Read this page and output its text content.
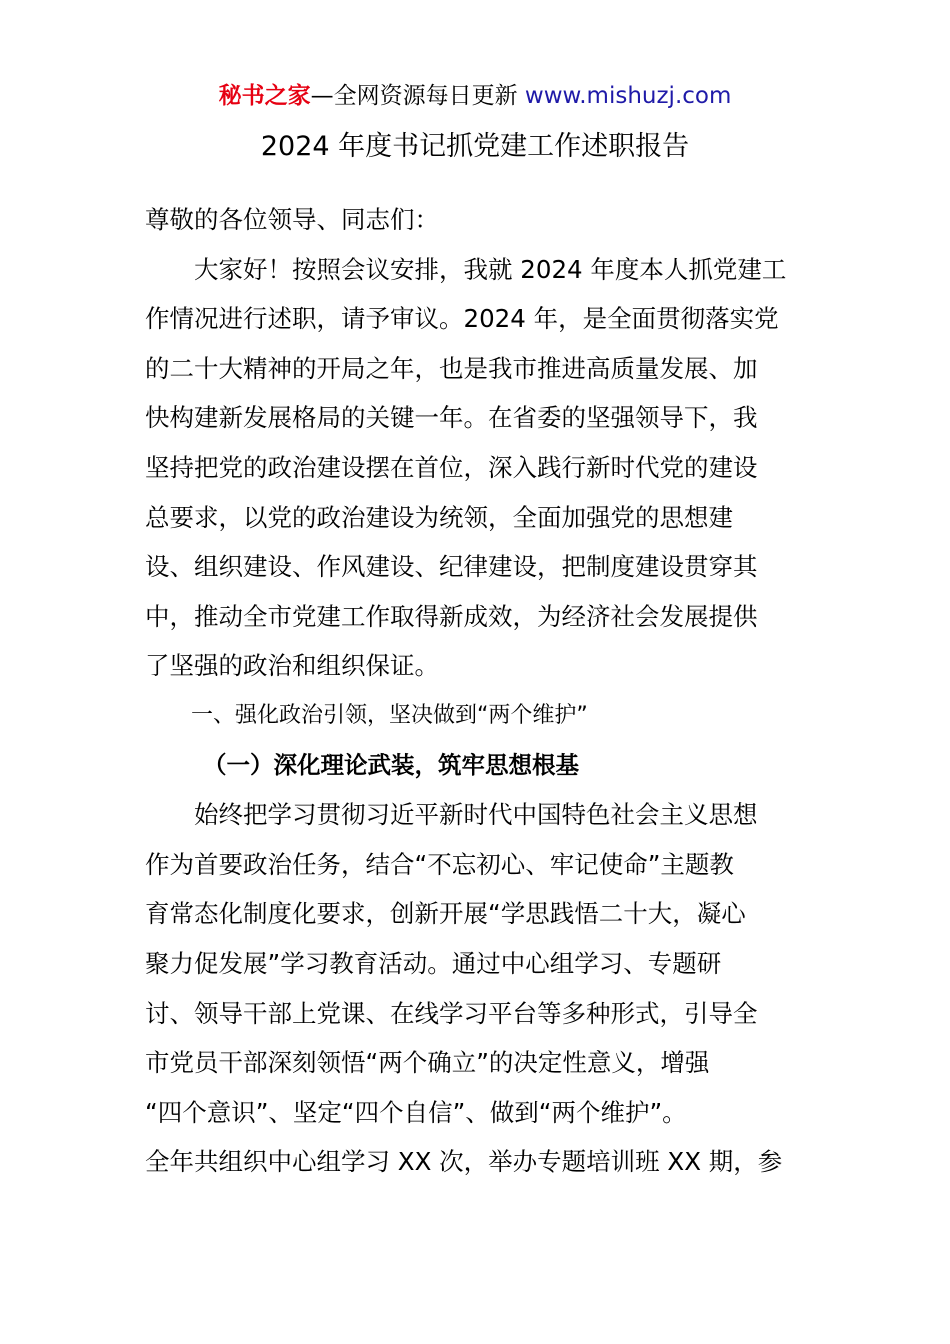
秘书之家—全网资源每日更新 www.mishuzj.com
2024 年度书记抓党建工作述职报告
尊敬的各位领导、同志们：
大家好！按照会议安排，我就 2024 年度本人抓党建工
作情况进行述职，请予审议。2024 年，是全面贯彻落实党
的二十大精神的开局之年，也是我市推进高质量发展、加
快构建新发展格局的关键一年。在省委的坚强领导下，我
坚持把党的政治建设摆在首位，深入践行新时代党的建设
总要求，以党的政治建设为统领，全面加强党的思想建
设、组织建设、作风建设、纪律建设，把制度建设贯穿其
中，推动全市党建工作取得新成效，为经济社会发展提供
了坚强的政治和组织保证。
一、强化政治引领，坚决做到“两个维护”
（一）深化理论武装，筑牢思想根基
始终把学习贯彻习近平新时代中国特色社会主义思想
作为首要政治任务，结合“不忘初心、牢记使命”主题教
育常态化制度化要求，创新开展“学思践悟二十大，凝心
聚力促发展”学习教育活动。通过中心组学习、专题研
讨、领导干部上党课、在线学习平台等多种形式，引导全
市党员干部深刻领悟“两个确立”的决定性意义，增强
“四个意识”、坚定“四个自信”、做到“两个维护”。
全年共组织中心组学习 XX 次，举办专题培训班 XX 期，参
